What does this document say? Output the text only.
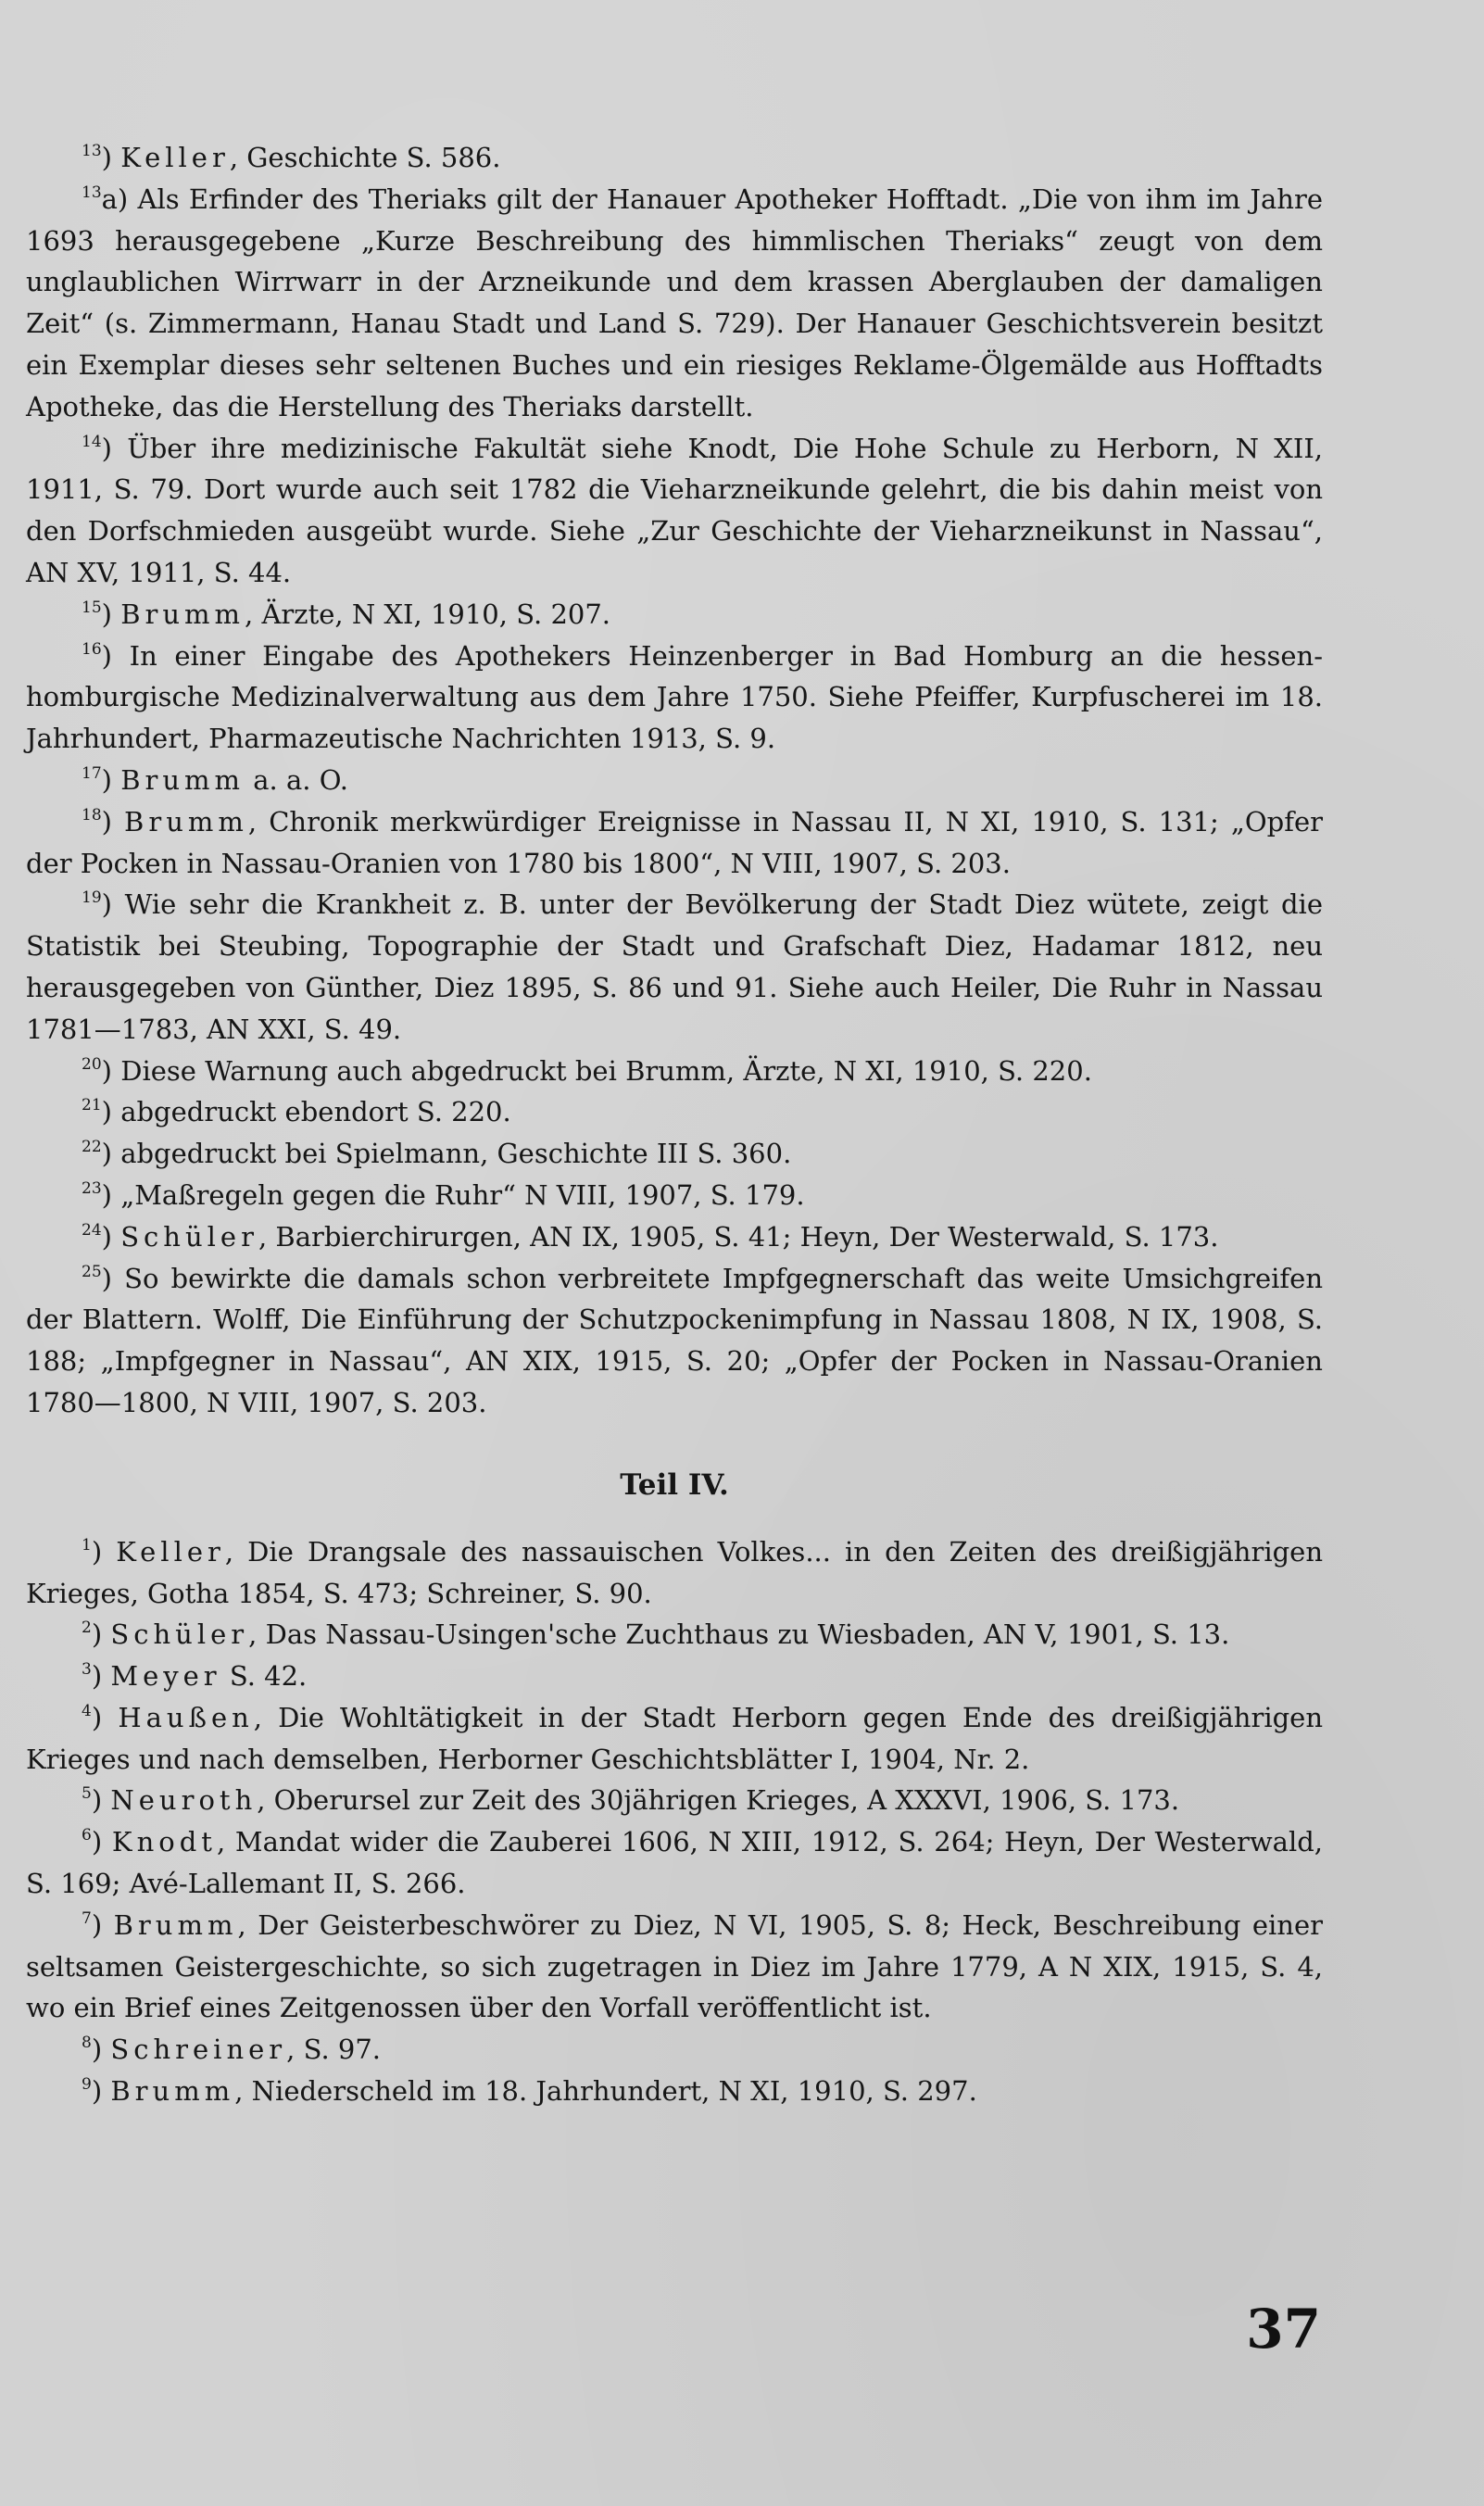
$^{13}$) Keller, Geschichte S. 586.

$^{13}$a) Als Erfinder des Theriaks gilt der Hanauer Apotheker Hofftadt. „Die von ihm im Jahre 1693 herausgegebene „Kurze Beschreibung des himmlischen Theriaks“ zeugt von dem unglaublichen Wirrwarr in der Arzneikunde und dem krassen Aberglauben der damaligen Zeit“ (s. Zimmermann, Hanau Stadt und Land S. 729). Der Hanauer Geschichtsverein besitzt ein Exemplar dieses sehr seltenen Buches und ein riesiges Reklame-Ölgemälde aus Hofftadts Apotheke, das die Herstellung des Theriaks darstellt.

$^{14}$) Über ihre medizinische Fakultät siehe Knodt, Die Hohe Schule zu Herborn, N XII, 1911, S. 79. Dort wurde auch seit 1782 die Vieharzneikunde gelehrt, die bis dahin meist von den Dorfschmieden ausgeübt wurde. Siehe „Zur Geschichte der Vieharzneikunst in Nassau“, AN XV, 1911, S. 44.

$^{15}$) Brumm, Ärzte, N XI, 1910, S. 207.

$^{16}$) In einer Eingabe des Apothekers Heinzenberger in Bad Homburg an die hessen-homburgische Medizinalverwaltung aus dem Jahre 1750. Siehe Pfeiffer, Kurpfuscherei im 18. Jahrhundert, Pharmazeutische Nachrichten 1913, S. 9.

$^{17}$) Brumm a. a. O.

$^{18}$) Brumm, Chronik merkwürdiger Ereignisse in Nassau II, N XI, 1910, S. 131; „Opfer der Pocken in Nassau-Oranien von 1780 bis 1800“, N VIII, 1907, S. 203.

$^{19}$) Wie sehr die Krankheit z. B. unter der Bevölkerung der Stadt Diez wütete, zeigt die Statistik bei Steubing, Topographie der Stadt und Grafschaft Diez, Hadamar 1812, neu herausgegeben von Günther, Diez 1895, S. 86 und 91. Siehe auch Heiler, Die Ruhr in Nassau 1781—1783, AN XXI, S. 49.

$^{20}$) Diese Warnung auch abgedruckt bei Brumm, Ärzte, N XI, 1910, S. 220.

$^{21}$) abgedruckt ebendort S. 220.

$^{22}$) abgedruckt bei Spielmann, Geschichte III S. 360.

$^{23}$) „Maßregeln gegen die Ruhr“ N VIII, 1907, S. 179.

$^{24}$) Schüler, Barbierchirurgen, AN IX, 1905, S. 41; Heyn, Der Westerwald, S. 173.

$^{25}$) So bewirkte die damals schon verbreitete Impfgegnerschaft das weite Umsichgreifen der Blattern. Wolff, Die Einführung der Schutzpockenimpfung in Nassau 1808, N IX, 1908, S. 188; „Impfgegner in Nassau“, AN XIX, 1915, S. 20; „Opfer der Pocken in Nassau-Oranien 1780—1800, N VIII, 1907, S. 203.

Teil IV.

$^1$) Keller, Die Drangsale des nassauischen Volkes... in den Zeiten des dreißigjährigen Krieges, Gotha 1854, S. 473; Schreiner, S. 90.

$^2$) Schüler, Das Nassau-Usingen'sche Zuchthaus zu Wiesbaden, AN V, 1901, S. 13.

$^3$) Meyer S. 42.

$^4$) Haußen, Die Wohltätigkeit in der Stadt Herborn gegen Ende des dreißigjährigen Krieges und nach demselben, Herborner Geschichtsblätter I, 1904, Nr. 2.

$^5$) Neuroth, Oberursel zur Zeit des 30jährigen Krieges, A XXXVI, 1906, S. 173.

$^6$) Knodt, Mandat wider die Zauberei 1606, N XIII, 1912, S. 264; Heyn, Der Westerwald, S. 169; Avé-Lallemant II, S. 266.

$^7$) Brumm, Der Geisterbeschwörer zu Diez, N VI, 1905, S. 8; Heck, Beschreibung einer seltsamen Geistergeschichte, so sich zugetragen in Diez im Jahre 1779, A N XIX, 1915, S. 4, wo ein Brief eines Zeitgenossen über den Vorfall veröffentlicht ist.

$^8$) Schreiner, S. 97.

$^9$) Brumm, Niederscheld im 18. Jahrhundert, N XI, 1910, S. 297.

37
